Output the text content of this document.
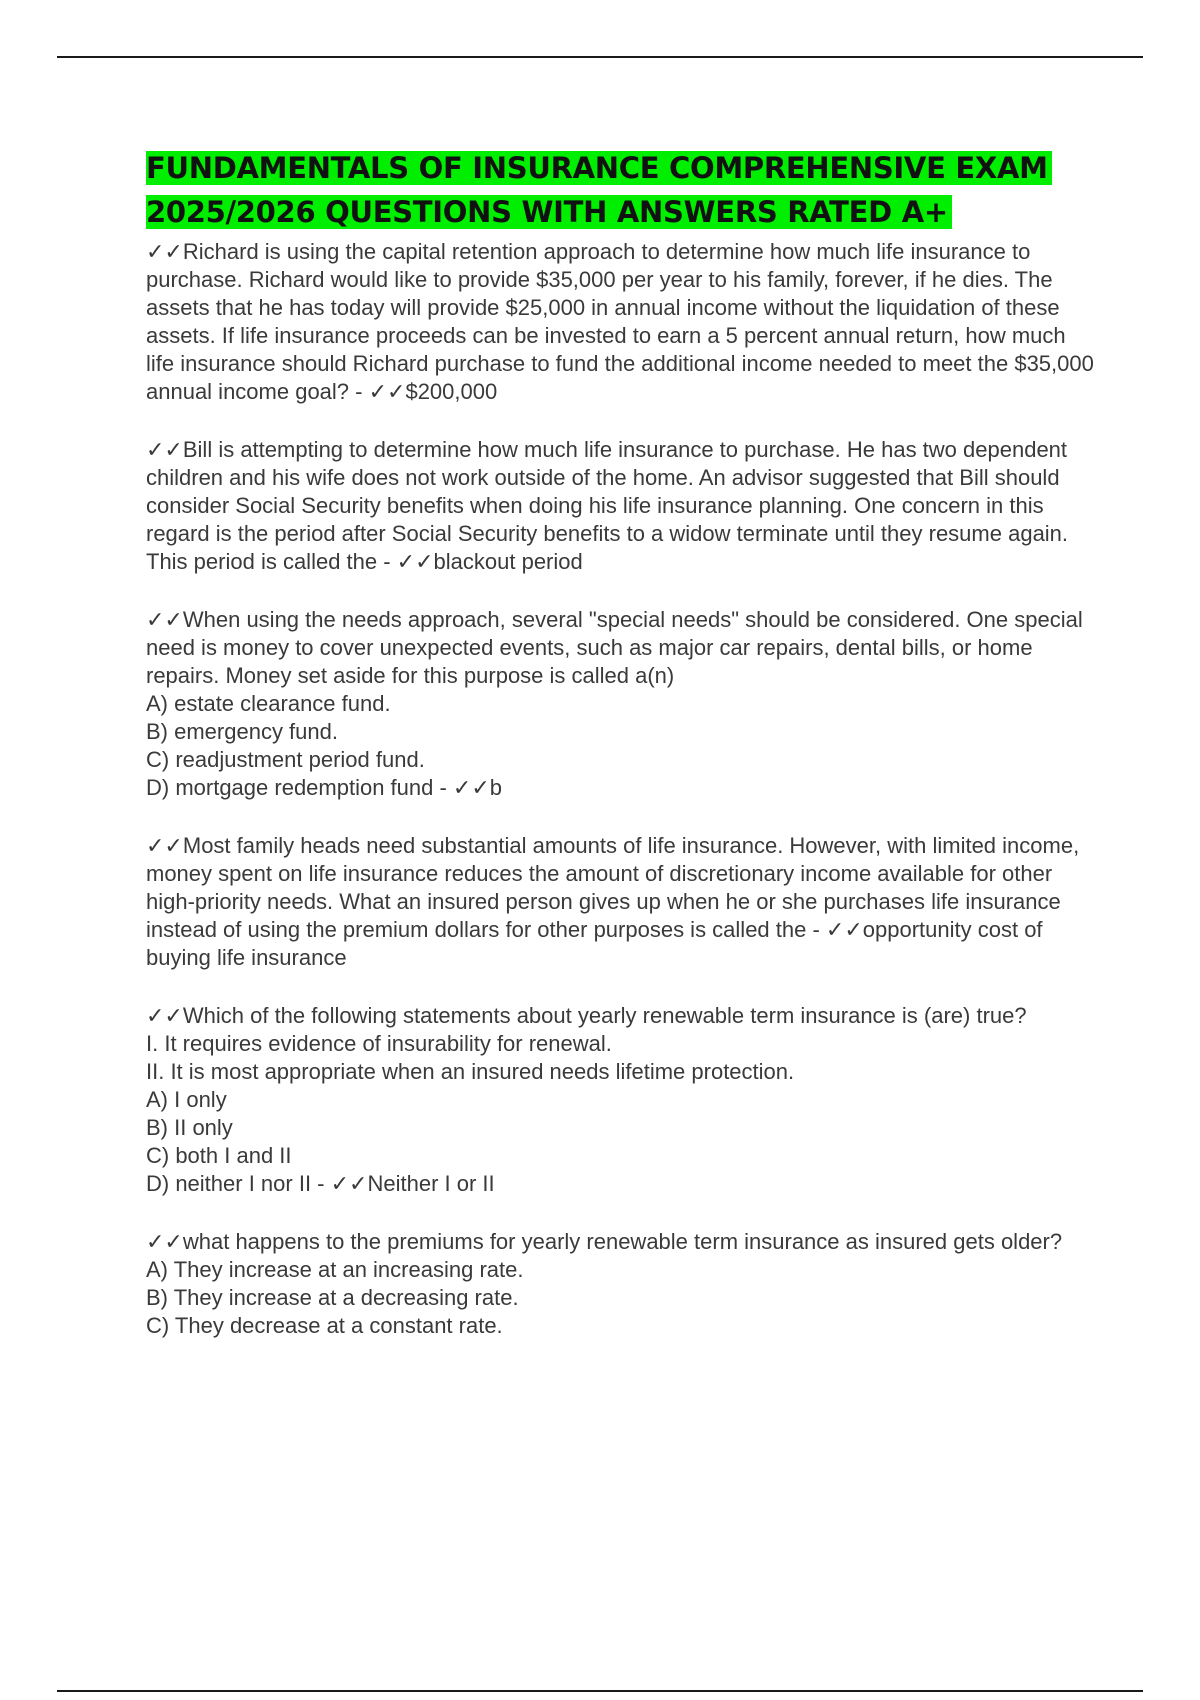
FUNDAMENTALS OF INSURANCE COMPREHENSIVE EXAM
2025/2026 QUESTIONS WITH ANSWERS RATED A+

✓✓Richard is using the capital retention approach to determine how much life insurance to purchase. Richard would like to provide $35,000 per year to his family, forever, if he dies. The assets that he has today will provide $25,000 in annual income without the liquidation of these assets. If life insurance proceeds can be invested to earn a 5 percent annual return, how much life insurance should Richard purchase to fund the additional income needed to meet the $35,000 annual income goal? - ✓✓$200,000

✓✓Bill is attempting to determine how much life insurance to purchase. He has two dependent children and his wife does not work outside of the home. An advisor suggested that Bill should consider Social Security benefits when doing his life insurance planning. One concern in this regard is the period after Social Security benefits to a widow terminate until they resume again. This period is called the - ✓✓blackout period

✓✓When using the needs approach, several "special needs" should be considered. One special need is money to cover unexpected events, such as major car repairs, dental bills, or home repairs. Money set aside for this purpose is called a(n)

A) estate clearance fund.
B) emergency fund.
C) readjustment period fund.
D) mortgage redemption fund - ✓✓b

✓✓Most family heads need substantial amounts of life insurance. However, with limited income, money spent on life insurance reduces the amount of discretionary income available for other high-priority needs. What an insured person gives up when he or she purchases life insurance instead of using the premium dollars for other purposes is called the - ✓✓opportunity cost of buying life insurance

✓✓Which of the following statements about yearly renewable term insurance is (are) true?

I. It requires evidence of insurability for renewal.
II. It is most appropriate when an insured needs lifetime protection.
A) I only
B) II only
C) both I and II
D) neither I nor II - ✓✓Neither I or II

✓✓what happens to the premiums for yearly renewable term insurance as insured gets older?

A) They increase at an increasing rate.
B) They increase at a decreasing rate.
C) They decrease at a constant rate.
